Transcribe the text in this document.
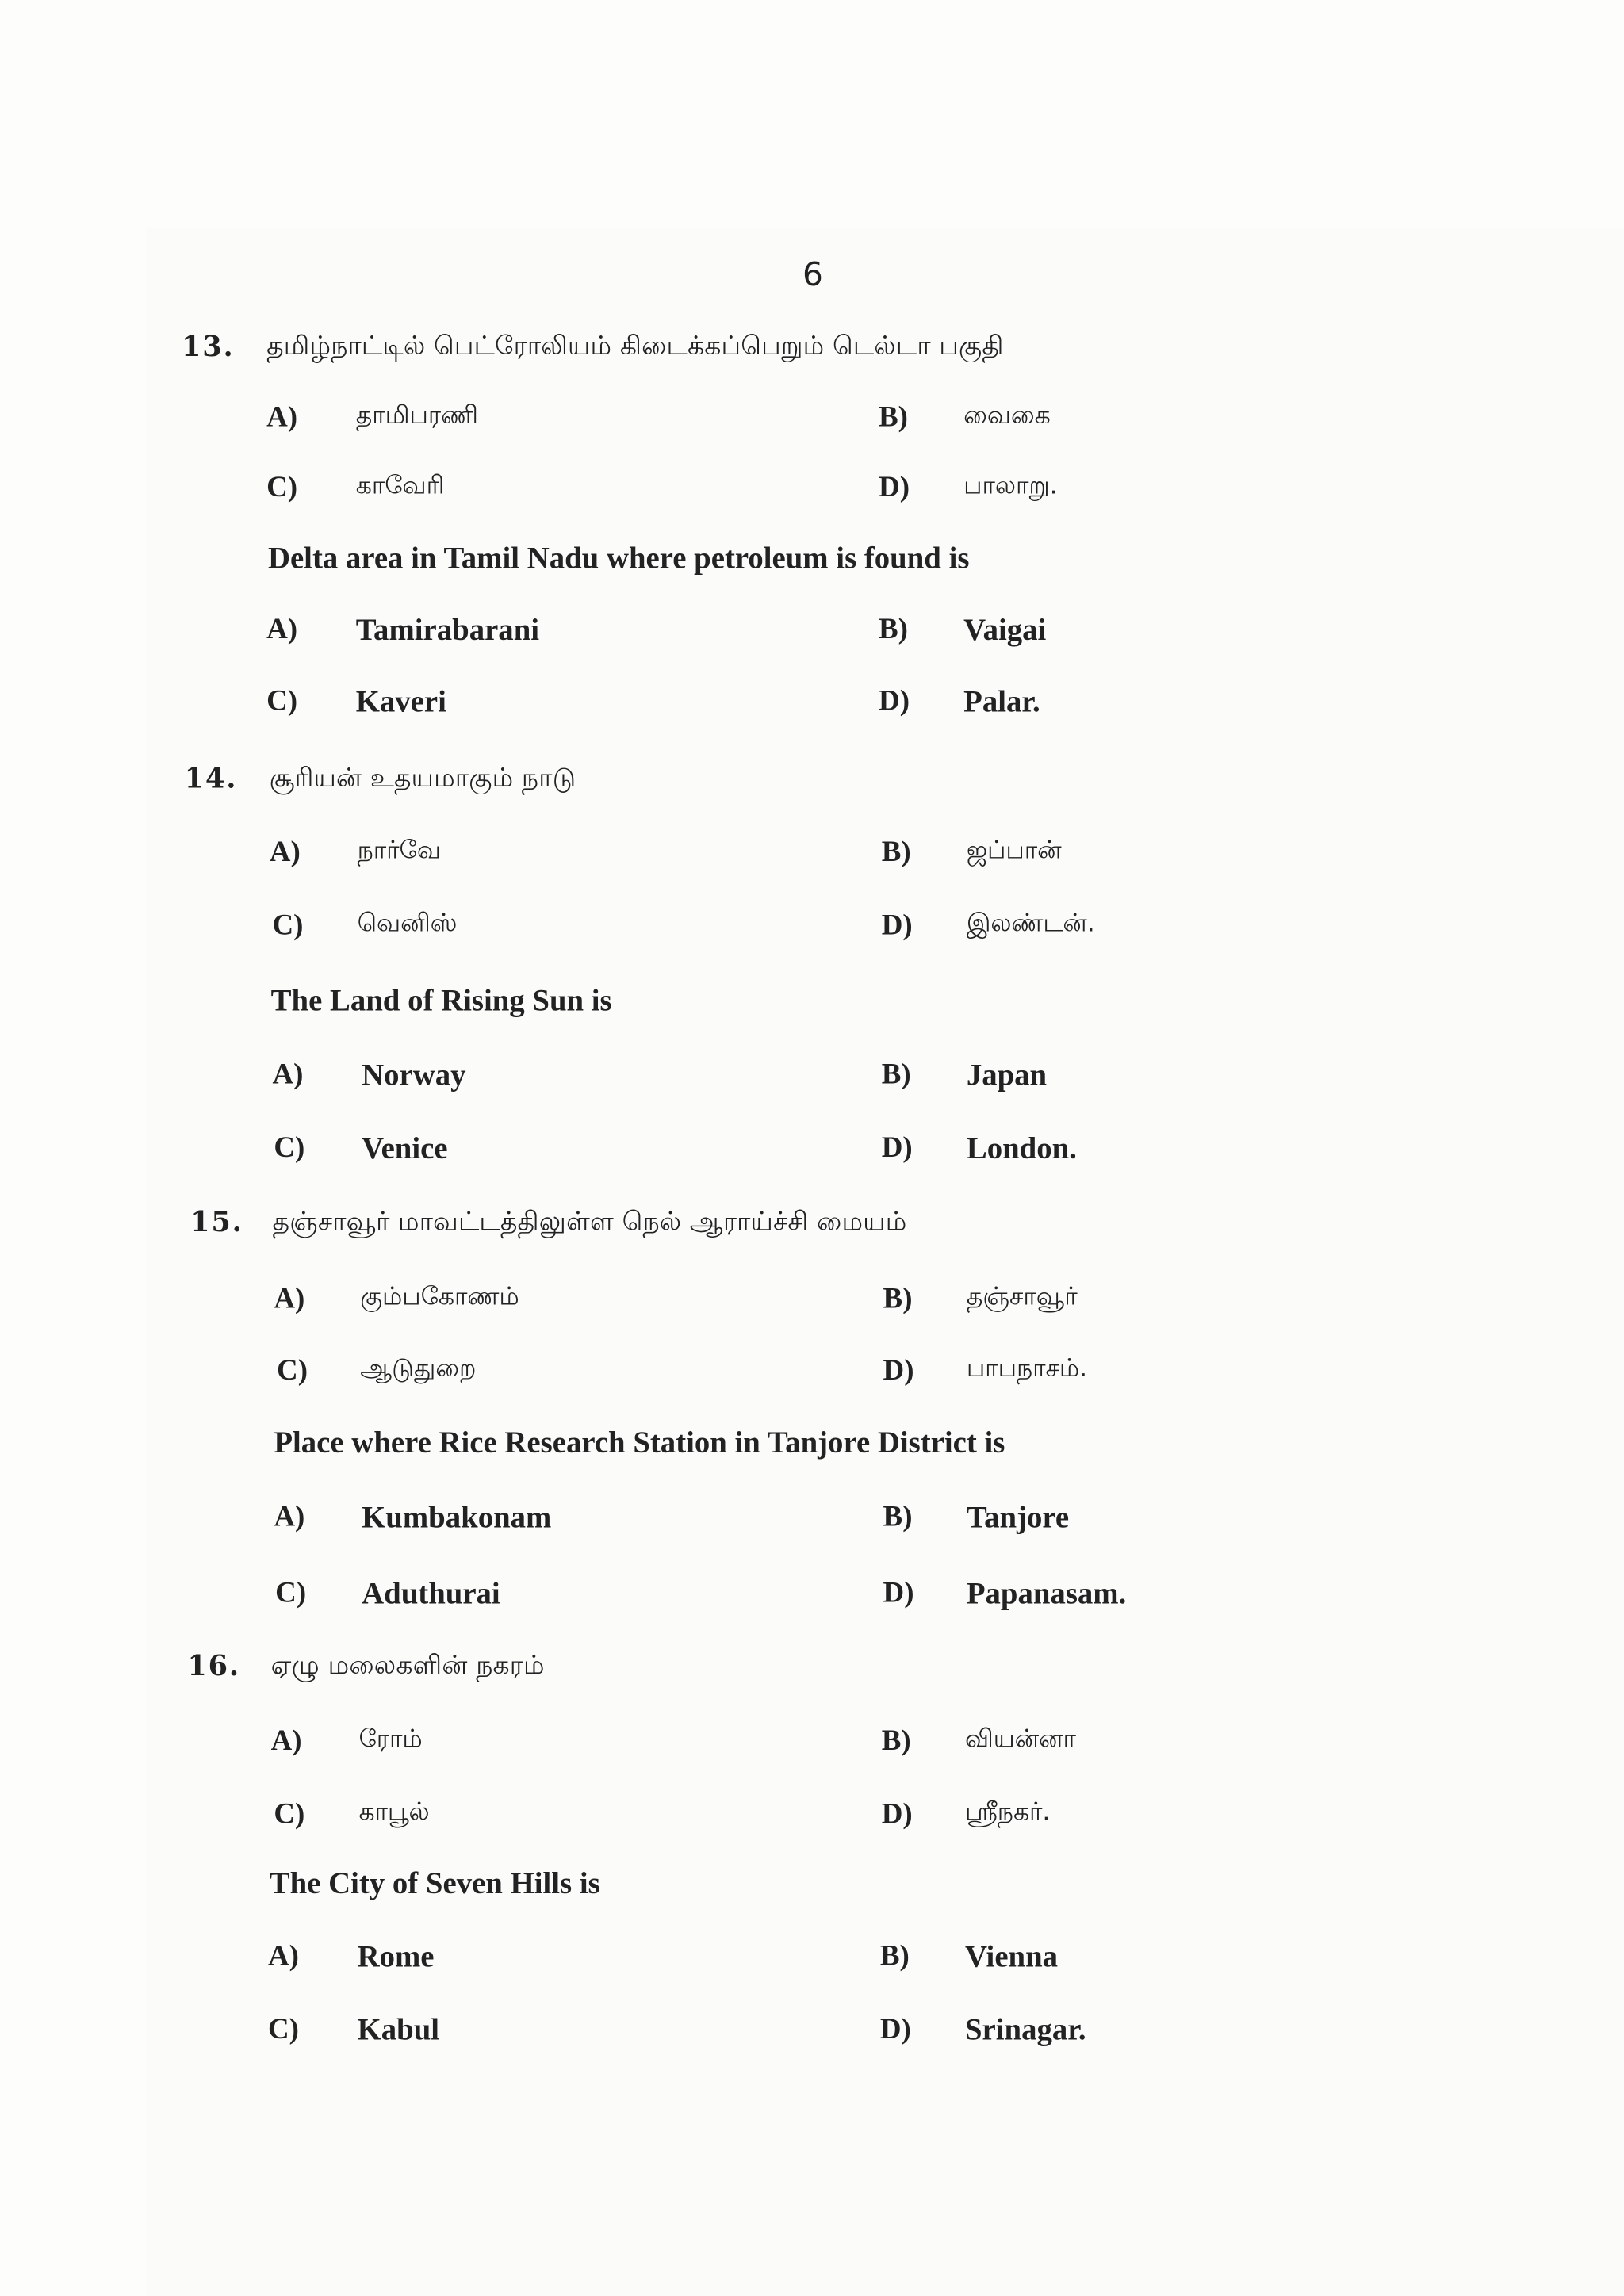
6
13. தமிழ்நாட்டில் பெட்ரோலியம் கிடைக்கப்பெறும் டெல்டா பகுதி
A)	தாமிபரணி	B)	வைகை
C)	காவேரி	D)	பாலாறு.
Delta area in Tamil Nadu where petroleum is found is
A)	Tamirabarani	B)	Vaigai
C)	Kaveri	D)	Palar.
14. சூரியன் உதயமாகும் நாடு
A)	நார்வே	B)	ஜப்பான்
C)	வெனிஸ்	D)	இலண்டன்.
The Land of Rising Sun is
A)	Norway	B)	Japan
C)	Venice	D)	London.
15. தஞ்சாவூர் மாவட்டத்திலுள்ள நெல் ஆராய்ச்சி மையம்
A)	கும்பகோணம்	B)	தஞ்சாவூர்
C)	ஆடுதுறை	D)	பாபநாசம்.
Place where Rice Research Station in Tanjore District is
A)	Kumbakonam	B)	Tanjore
C)	Aduthurai	D)	Papanasam.
16. ஏழு மலைகளின் நகரம்
A)	ரோம்	B)	வியன்னா
C)	காபூல்	D)	ஸ்ரீநகர்.
The City of Seven Hills is
A)	Rome	B)	Vienna
C)	Kabul	D)	Srinagar.
